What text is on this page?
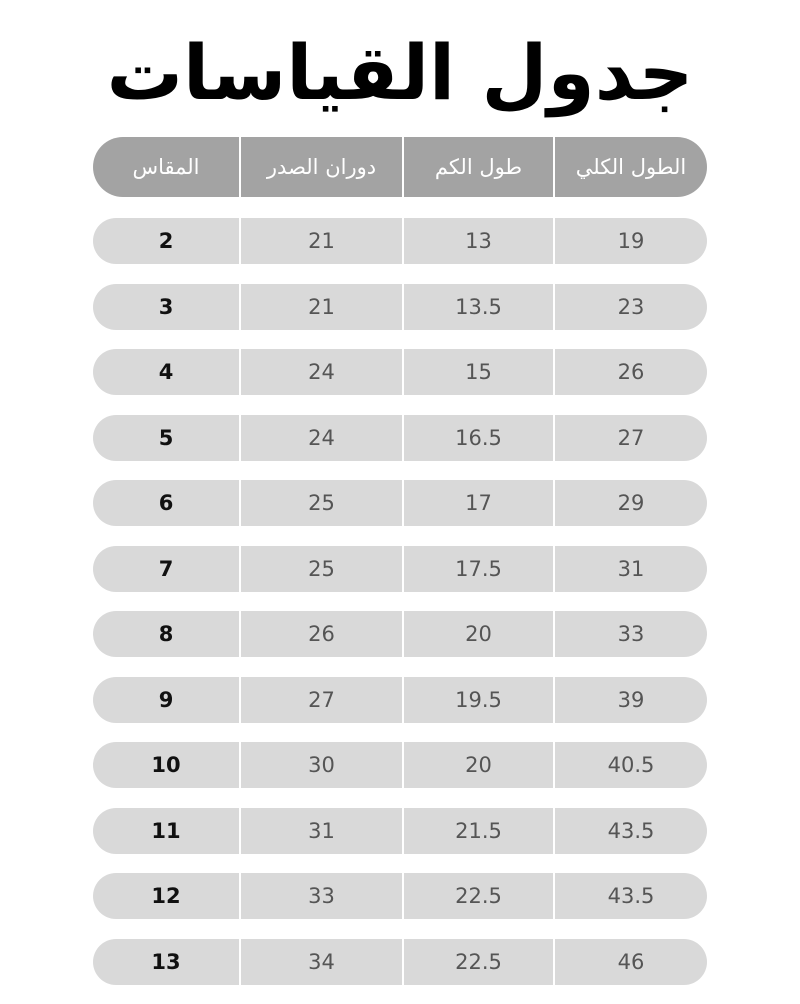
جدول القياسات
المقاس	دوران الصدر	طول الكم	الطول الكلي
2	21	13	19
3	21	13.5	23
4	24	15	26
5	24	16.5	27
6	25	17	29
7	25	17.5	31
8	26	20	33
9	27	19.5	39
10	30	20	40.5
11	31	21.5	43.5
12	33	22.5	43.5
13	34	22.5	46
